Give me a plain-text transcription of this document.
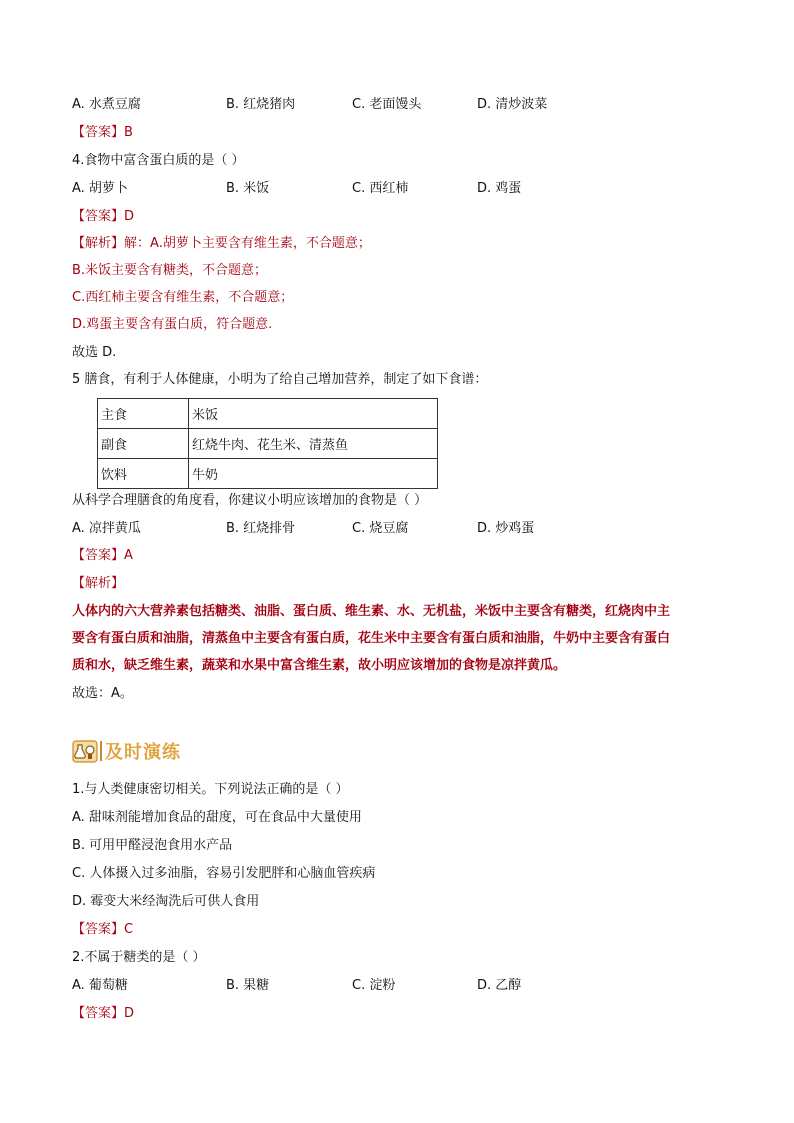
A. 水煮豆腐	B. 红烧猪肉	C. 老面馒头	D. 清炒波菜
【答案】B
4.食物中富含蛋白质的是（ ）
A. 胡萝卜	B. 米饭	C. 西红柿	D. 鸡蛋
【答案】D
【解析】解：A.胡萝卜主要含有维生素，不合题意；
B.米饭主要含有糖类，不合题意；
C.西红柿主要含有维生素，不合题意；
D.鸡蛋主要含有蛋白质，符合题意.
故选 D.
5 膳食，有利于人体健康，小明为了给自己增加营养，制定了如下食谱：
主食	米饭
副食	红烧牛肉、花生米、清蒸鱼
饮料	牛奶
从科学合理膳食的角度看，你建议小明应该增加的食物是（ ）
A. 凉拌黄瓜	B. 红烧排骨	C. 烧豆腐	D. 炒鸡蛋
【答案】A
【解析】
人体内的六大营养素包括糖类、油脂、蛋白质、维生素、水、无机盐，米饭中主要含有糖类，红烧肉中主
要含有蛋白质和油脂，清蒸鱼中主要含有蛋白质，花生米中主要含有蛋白质和油脂，牛奶中主要含有蛋白
质和水，缺乏维生素，蔬菜和水果中富含维生素，故小明应该增加的食物是凉拌黄瓜。
故选：A。
及时演练
1.与人类健康密切相关。下列说法正确的是（ ）
A. 甜味剂能增加食品的甜度，可在食品中大量使用
B. 可用甲醛浸泡食用水产品
C. 人体摄入过多油脂，容易引发肥胖和心脑血管疾病
D. 霉变大米经淘洗后可供人食用
【答案】C
2.不属于糖类的是（ ）
A. 葡萄糖	B. 果糖	C. 淀粉	D. 乙醇
【答案】D
